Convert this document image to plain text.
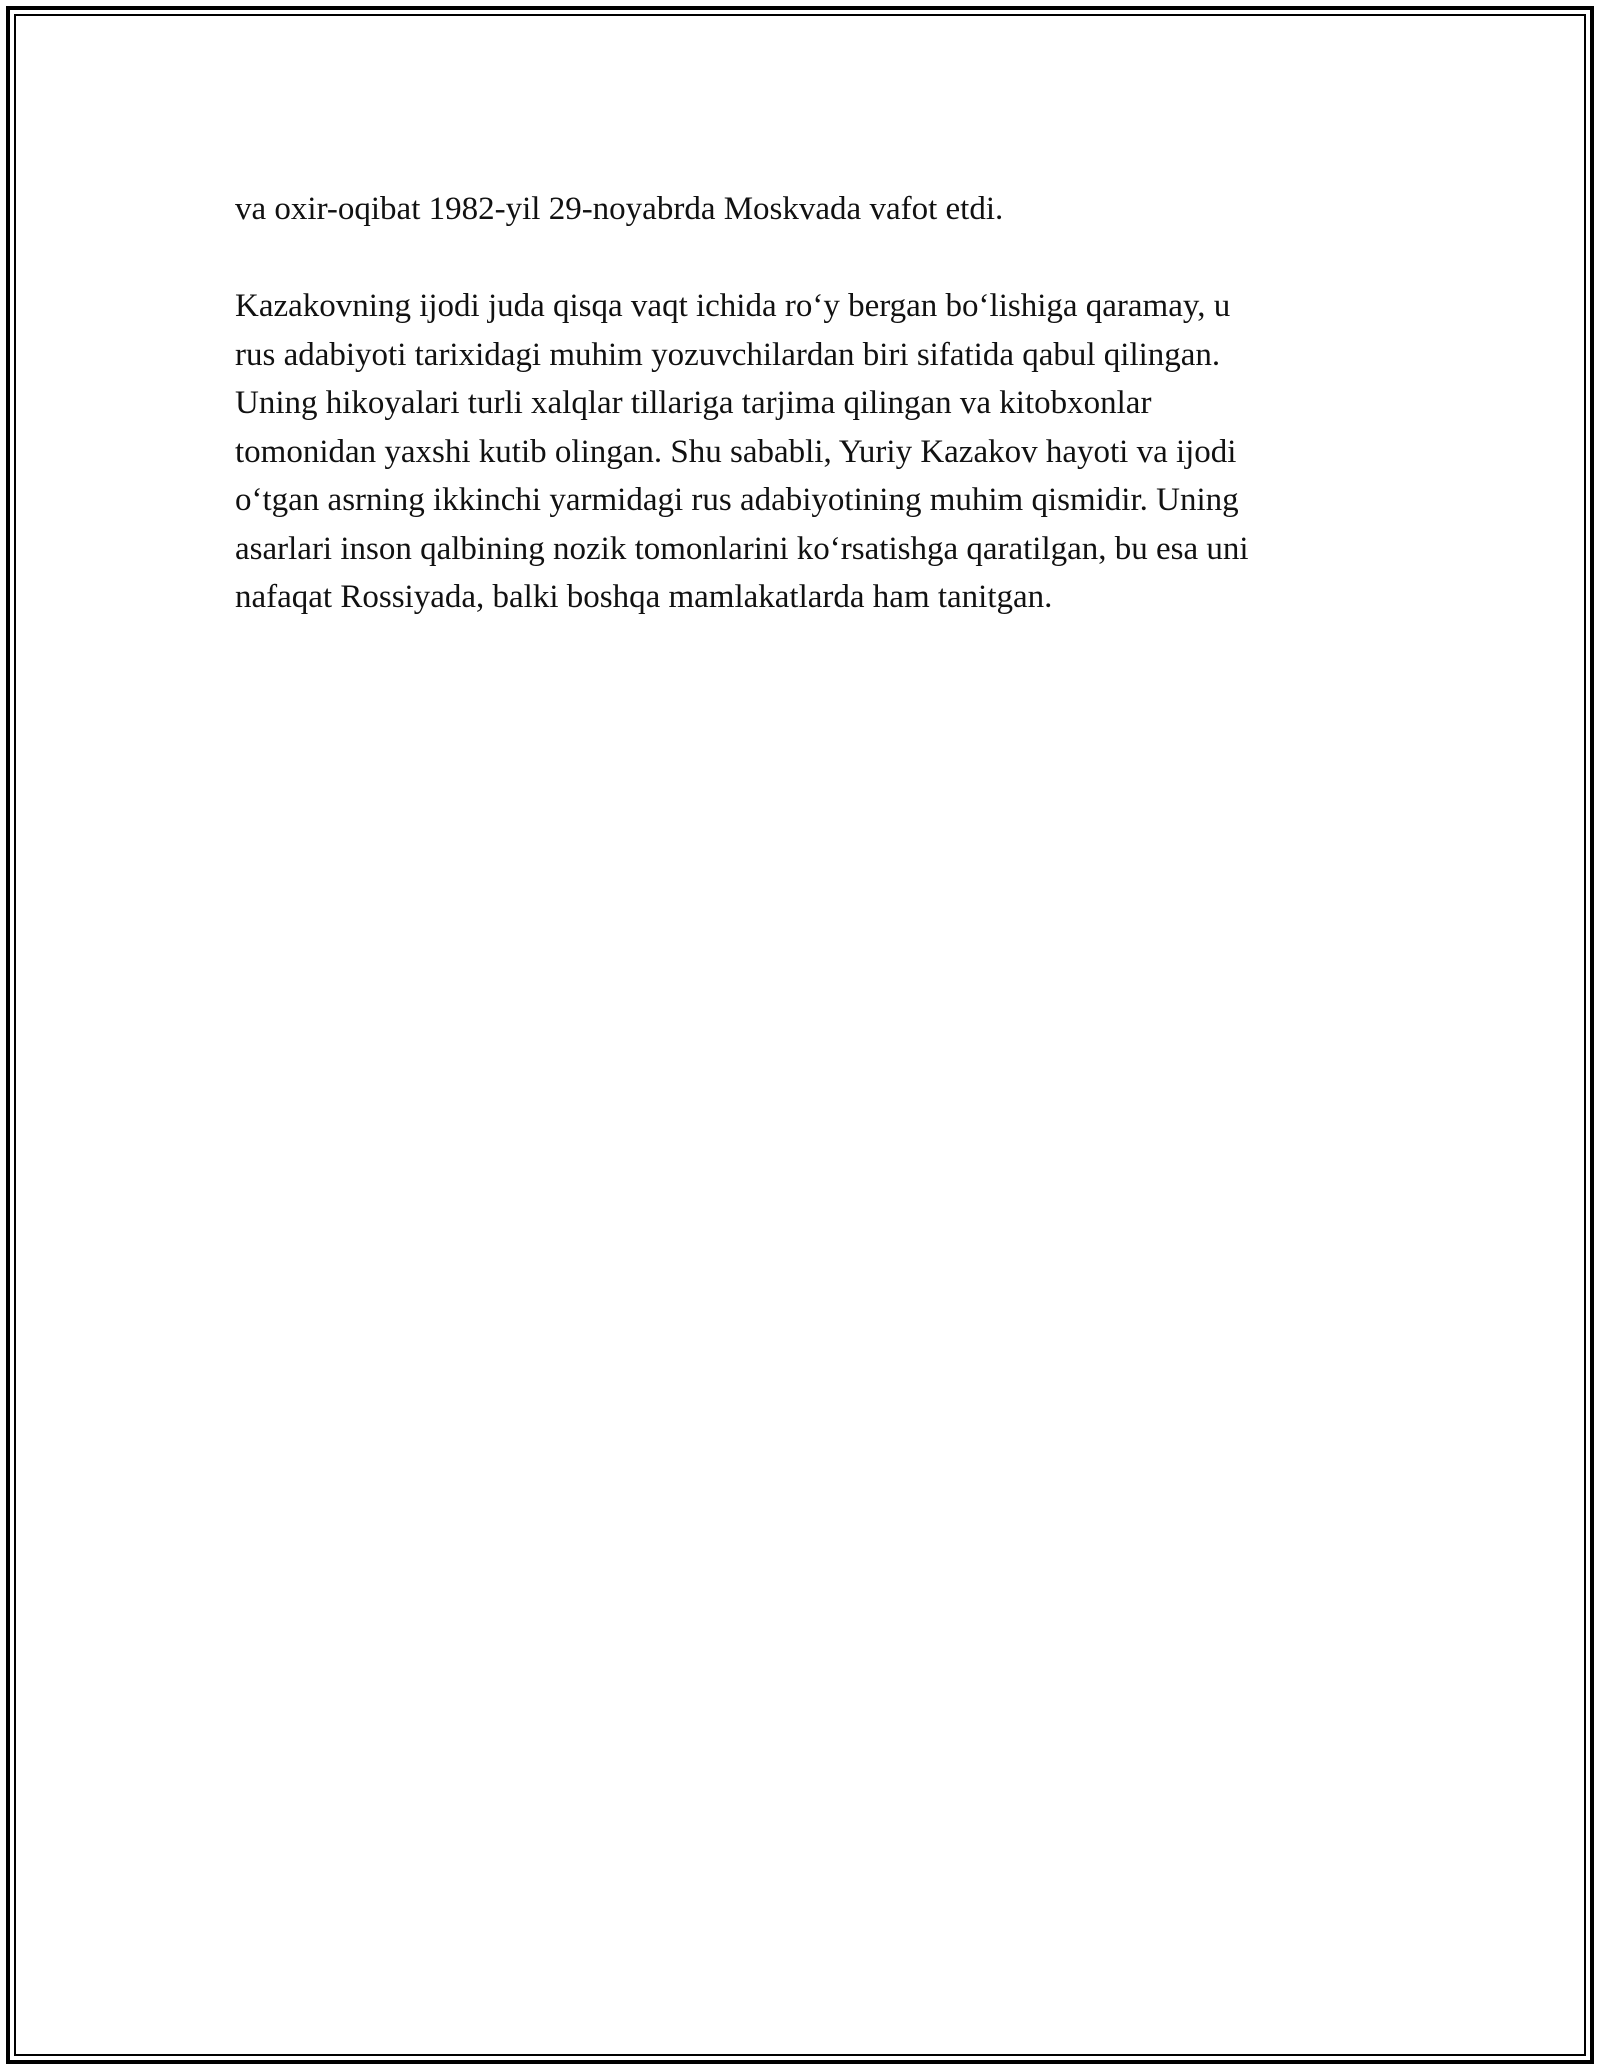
va oxir-oqibat 1982-yil 29-noyabrda Moskvada vafot etdi.

Kazakovning ijodi juda qisqa vaqt ichida ro‘y bergan bo‘lishiga qaramay, u
rus adabiyoti tarixidagi muhim yozuvchilardan biri sifatida qabul qilingan.
Uning hikoyalari turli xalqlar tillariga tarjima qilingan va kitobxonlar
tomonidan yaxshi kutib olingan. Shu sababli, Yuriy Kazakov hayoti va ijodi
o‘tgan asrning ikkinchi yarmidagi rus adabiyotining muhim qismidir. Uning
asarlari inson qalbining nozik tomonlarini ko‘rsatishga qaratilgan, bu esa uni
nafaqat Rossiyada, balki boshqa mamlakatlarda ham tanitgan.
